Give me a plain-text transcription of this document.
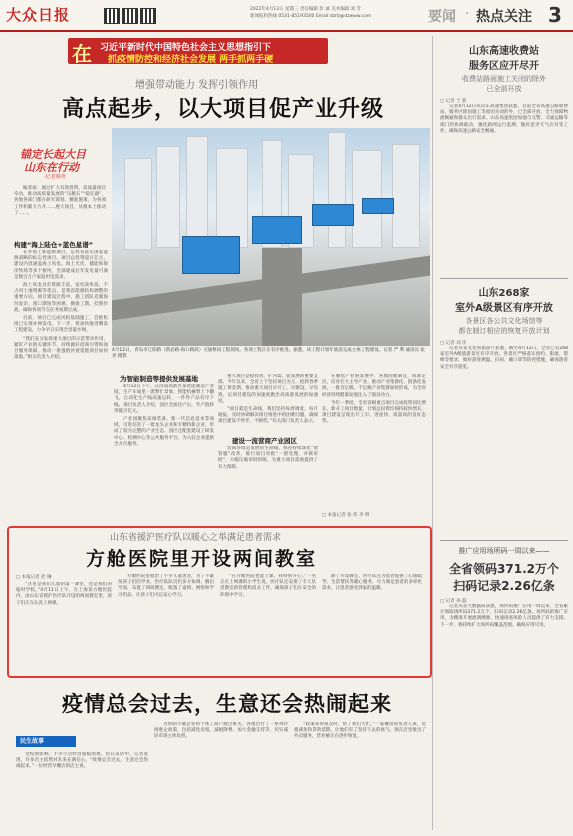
大众日报	2022年4月13日 星期三 责任编辑 彭 诚 美术编辑 刘 芳
新闻报料热线 0531-85193500 Email:dzrb@dzwww.com	要闻 · 热点关注 3
在 习近平新时代中国特色社会主义思想指引下
抓疫情防控和经济社会发展 两手抓两手硬
增强带动能力 发挥引领作用
高点起步，以大项目促产业升级
锚定长起大目
山东在行动
·记者调查

编者按：通过扩大有效投资，高质量项目牵动，推动高质量发展的“压舱石”“稳定器”，各地各部门都在研究谋划、精准施策，为各项工作积累大力开……展大项目，从根本上推动了……。

构建“海上陆仓+蓝色星谱”

在外海上新能源项目，是我省落实国家能源战略的标志性项目。项目总投资超百亿元，建设内容涵盖海上风电、海上光伏、储能和海洋牧场等多个板块，全部建成后年发电量可满足数百万户家庭用电需求。

海上风电具有资源丰富、发电效率高、不占用土地资源等优点，是我省能源结构调整的重要方向。项目建设过程中，施工团队克服海况复杂、窗口期短等困难，倒排工期、挂图作战，确保各项节点任务按期完成。

目前，项目已完成风机基础施工，首批机组已实现并网发电。下一步，将加快推进剩余工程建设，力争早日实现全容量并网。

“我们充分发挥重大项目的示范带动作用，紧盯产业链关键环节，持续做好招商引资和项目服务保障，推动一批强链补链延链项目加快落地。”相关负责人介绍。

4月12日，青岛市辽阳路（新岩路-海口路段）交通枢纽工程现场。各项工程正在有序推进。据悉，该工程计划年底前完成主体工程建设。记者 严 利 通讯员 张 亮 摄影
为智能制造等提供发展基地

4月12日下午，在济南高新区某智能制造产业园，生产车间里一派繁忙景象。智能机械臂上下翻飞，自动化生产线高速运转，一件件产品有序下线。项目负责人介绍，园区全面达产后，年产值将突破百亿元。

产业园聚焦高端装备、新一代信息技术等领域，引进培育了一批龙头企业和专精特新企业，形成了较为完整的产业生态。园区还配套建设了研发中心、检测中心等公共服务平台，为入驻企业提供全方位服务。

重大项目是稳投资、扩内需、促发展的重要支撑。今年以来，全省上下坚持项目为王，抢抓春季施工黄金期，推动重大项目早开工、早建设、早见效，以项目建设的加速度跑出高质量发展的加速度。

“项目就是生命线，我们坚持每周调度、每月通报，及时协调解决项目推进中的困难问题，确保项目建设不停步、不断档。”有关部门负责人表示。

建设一流营商产业园区

营商环境是发展的生命线。我省持续深化“放管服”改革，推行项目审批“一窗受理、并联审批”，大幅压缩审批时限，为重大项目落地提供了有力保障。

在聚焦产业链发展中，各地因地制宜，找准定位，培育壮大主导产业，推动产业集群化、链条化发展。一批百亿级、千亿级产业集群加快形成，为全省经济持续健康发展注入了强劲动力。

今年一季度，全省省级重点项目完成投资同比增长，新开工项目数量、计划总投资均保持较快增长，项目建设呈现出开工早、进度快、质量高的良好态势。

□ 本报记者 张 伟 李 明
山东省援沪医疗队以暖心之举满足患者需求
方舱医院里开设两间教室
□ 本报记者 赵 琳

“这里是我们儿童的第一课堂，也是我们的临时学校。”4月11日上午，在上海某方舱医院内，由山东省援沪医疗队开设的两间教室里，孩子们正在认真上网课。

方舱医院里收治了不少儿童患者，为了不耽误孩子们的学业，医疗队队员们多方协调，腾出空间，布置了两间教室，配备了桌椅、网络和学习用品，让孩子们可以安心学习。

“在方舱医院也能上课，我特别开心。”一名正在上网课的小学生说。医疗队还安排了专人负责教室的管理和消杀工作，确保孩子们在安全的环境中学习。

除了开设教室，医疗队还为患者提供了心理疏导、生活帮扶等暖心服务，尽力满足患者的多样化需求，让患者感受到家的温暖。

疫情总会过去，生意还会热闹起来
民生故事

受疫情影响，不少小店经营面临困难。但在采访中，记者发现，许多店主依然对未来充满信心。“疫情总会过去，生意还会热闹起来。”一位经营早餐店的店主说。

为帮助小微企业和个体工商户渡过难关，各地出台了一系列纾困惠企政策，包括减免房租、减税降费、加大金融支持等，切实减轻市场主体负担。

“政策来得很及时，帮了我们大忙。”一家餐馆的负责人说，房租减免和贷款延期，让他们有了坚持下去的底气。现在店里推出了外卖服务，营业额正在逐步恢复。

山东高速收费站
服务区应开尽开
收费站路面施工关闭的除外
已全部开放
□ 记者 于 新

记者4月12日从山东高速集团获悉，目前全省高速公路收费站、服务区除因施工等原因关闭的外，已全部开放，全力保障物流畅通和群众出行需求。山东高速集团加强与交警、交通运输等部门的协调联动，强化路网运行监测，做好恶劣天气应对等工作，确保高速公路安全畅通。

山东268家
室外A级景区有序开放
各景区各公共文化场馆等
都在制订相应的恢复开放计划
□ 记者 刘 洋

记者从省文化和旅游厅获悉，截至4月12日，全省已有268家室外A级旅游景区有序开放。各景区严格落实预约、限流、错峰等要求，做好游客测温、扫码、戴口罩等防控措施，确保游客安全有序游览。

推广应用场所码一周以来——
全省领码371.2万个
扫码记录2.26亿条
□ 记者 孙 磊

记者从省大数据局获悉，场所码推广应用一周以来，全省累计领取场所码371.2万个，扫码记录2.26亿条。场所码的推广应用，为精准开展流调溯源、快速排查风险人员提供了有力支撑。下一步，将持续扩大场所码覆盖范围，确保应用尽用。
